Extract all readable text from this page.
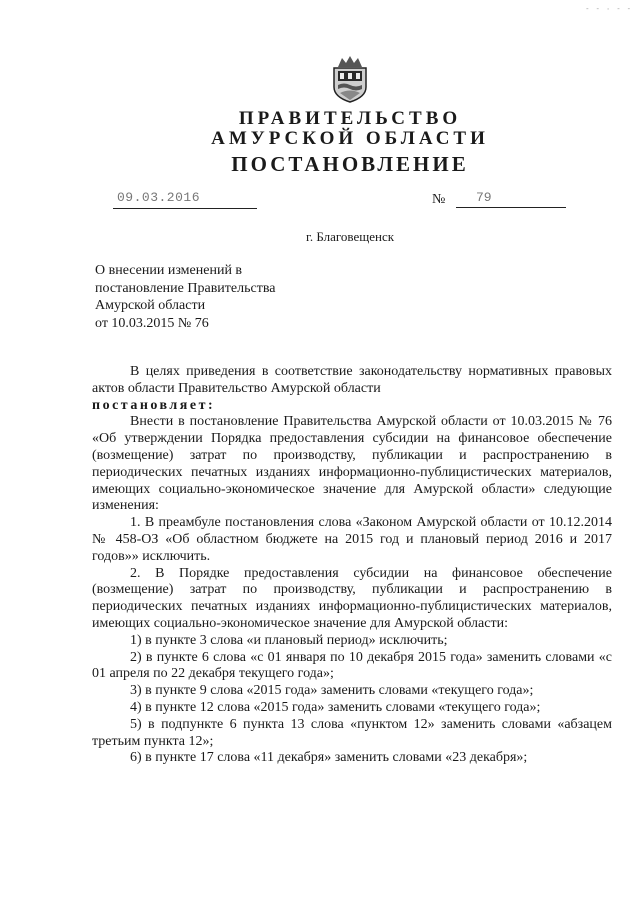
- - · - -
ПРАВИТЕЛЬСТВО
АМУРСКОЙ ОБЛАСТИ
ПОСТАНОВЛЕНИЕ
09.03.2016	№	79
г. Благовещенск
О внесении изменений в
постановление Правительства
Амурской области
от 10.03.2015 № 76

В целях приведения в соответствие законодательству нормативных правовых актов области Правительство Амурской области

постановляет:

Внести в постановление Правительства Амурской области от 10.03.2015 № 76 «Об утверждении Порядка предоставления субсидии на финансовое обеспечение (возмещение) затрат по производству, публикации и распространению в периодических печатных изданиях информационно-публицистических материалов, имеющих социально-экономическое значение для Амурской области» следующие изменения:

1. В преамбуле постановления слова «Законом Амурской области от 10.12.2014 № 458-ОЗ «Об областном бюджете на 2015 год и плановый период 2016 и 2017 годов»» исключить.

2. В Порядке предоставления субсидии на финансовое обеспечение (возмещение) затрат по производству, публикации и распространению в периодических печатных изданиях информационно-публицистических материалов, имеющих социально-экономическое значение для Амурской области:

1) в пункте 3 слова «и плановый период» исключить;

2) в пункте 6 слова «с 01 января по 10 декабря 2015 года» заменить словами «с 01 апреля по 22 декабря текущего года»;

3) в пункте 9 слова «2015 года» заменить словами «текущего года»;

4) в пункте 12 слова «2015 года» заменить словами «текущего года»;

5) в подпункте 6 пункта 13 слова «пунктом 12» заменить словами «абзацем третьим пункта 12»;

6) в пункте 17 слова «11 декабря» заменить словами «23 декабря»;
